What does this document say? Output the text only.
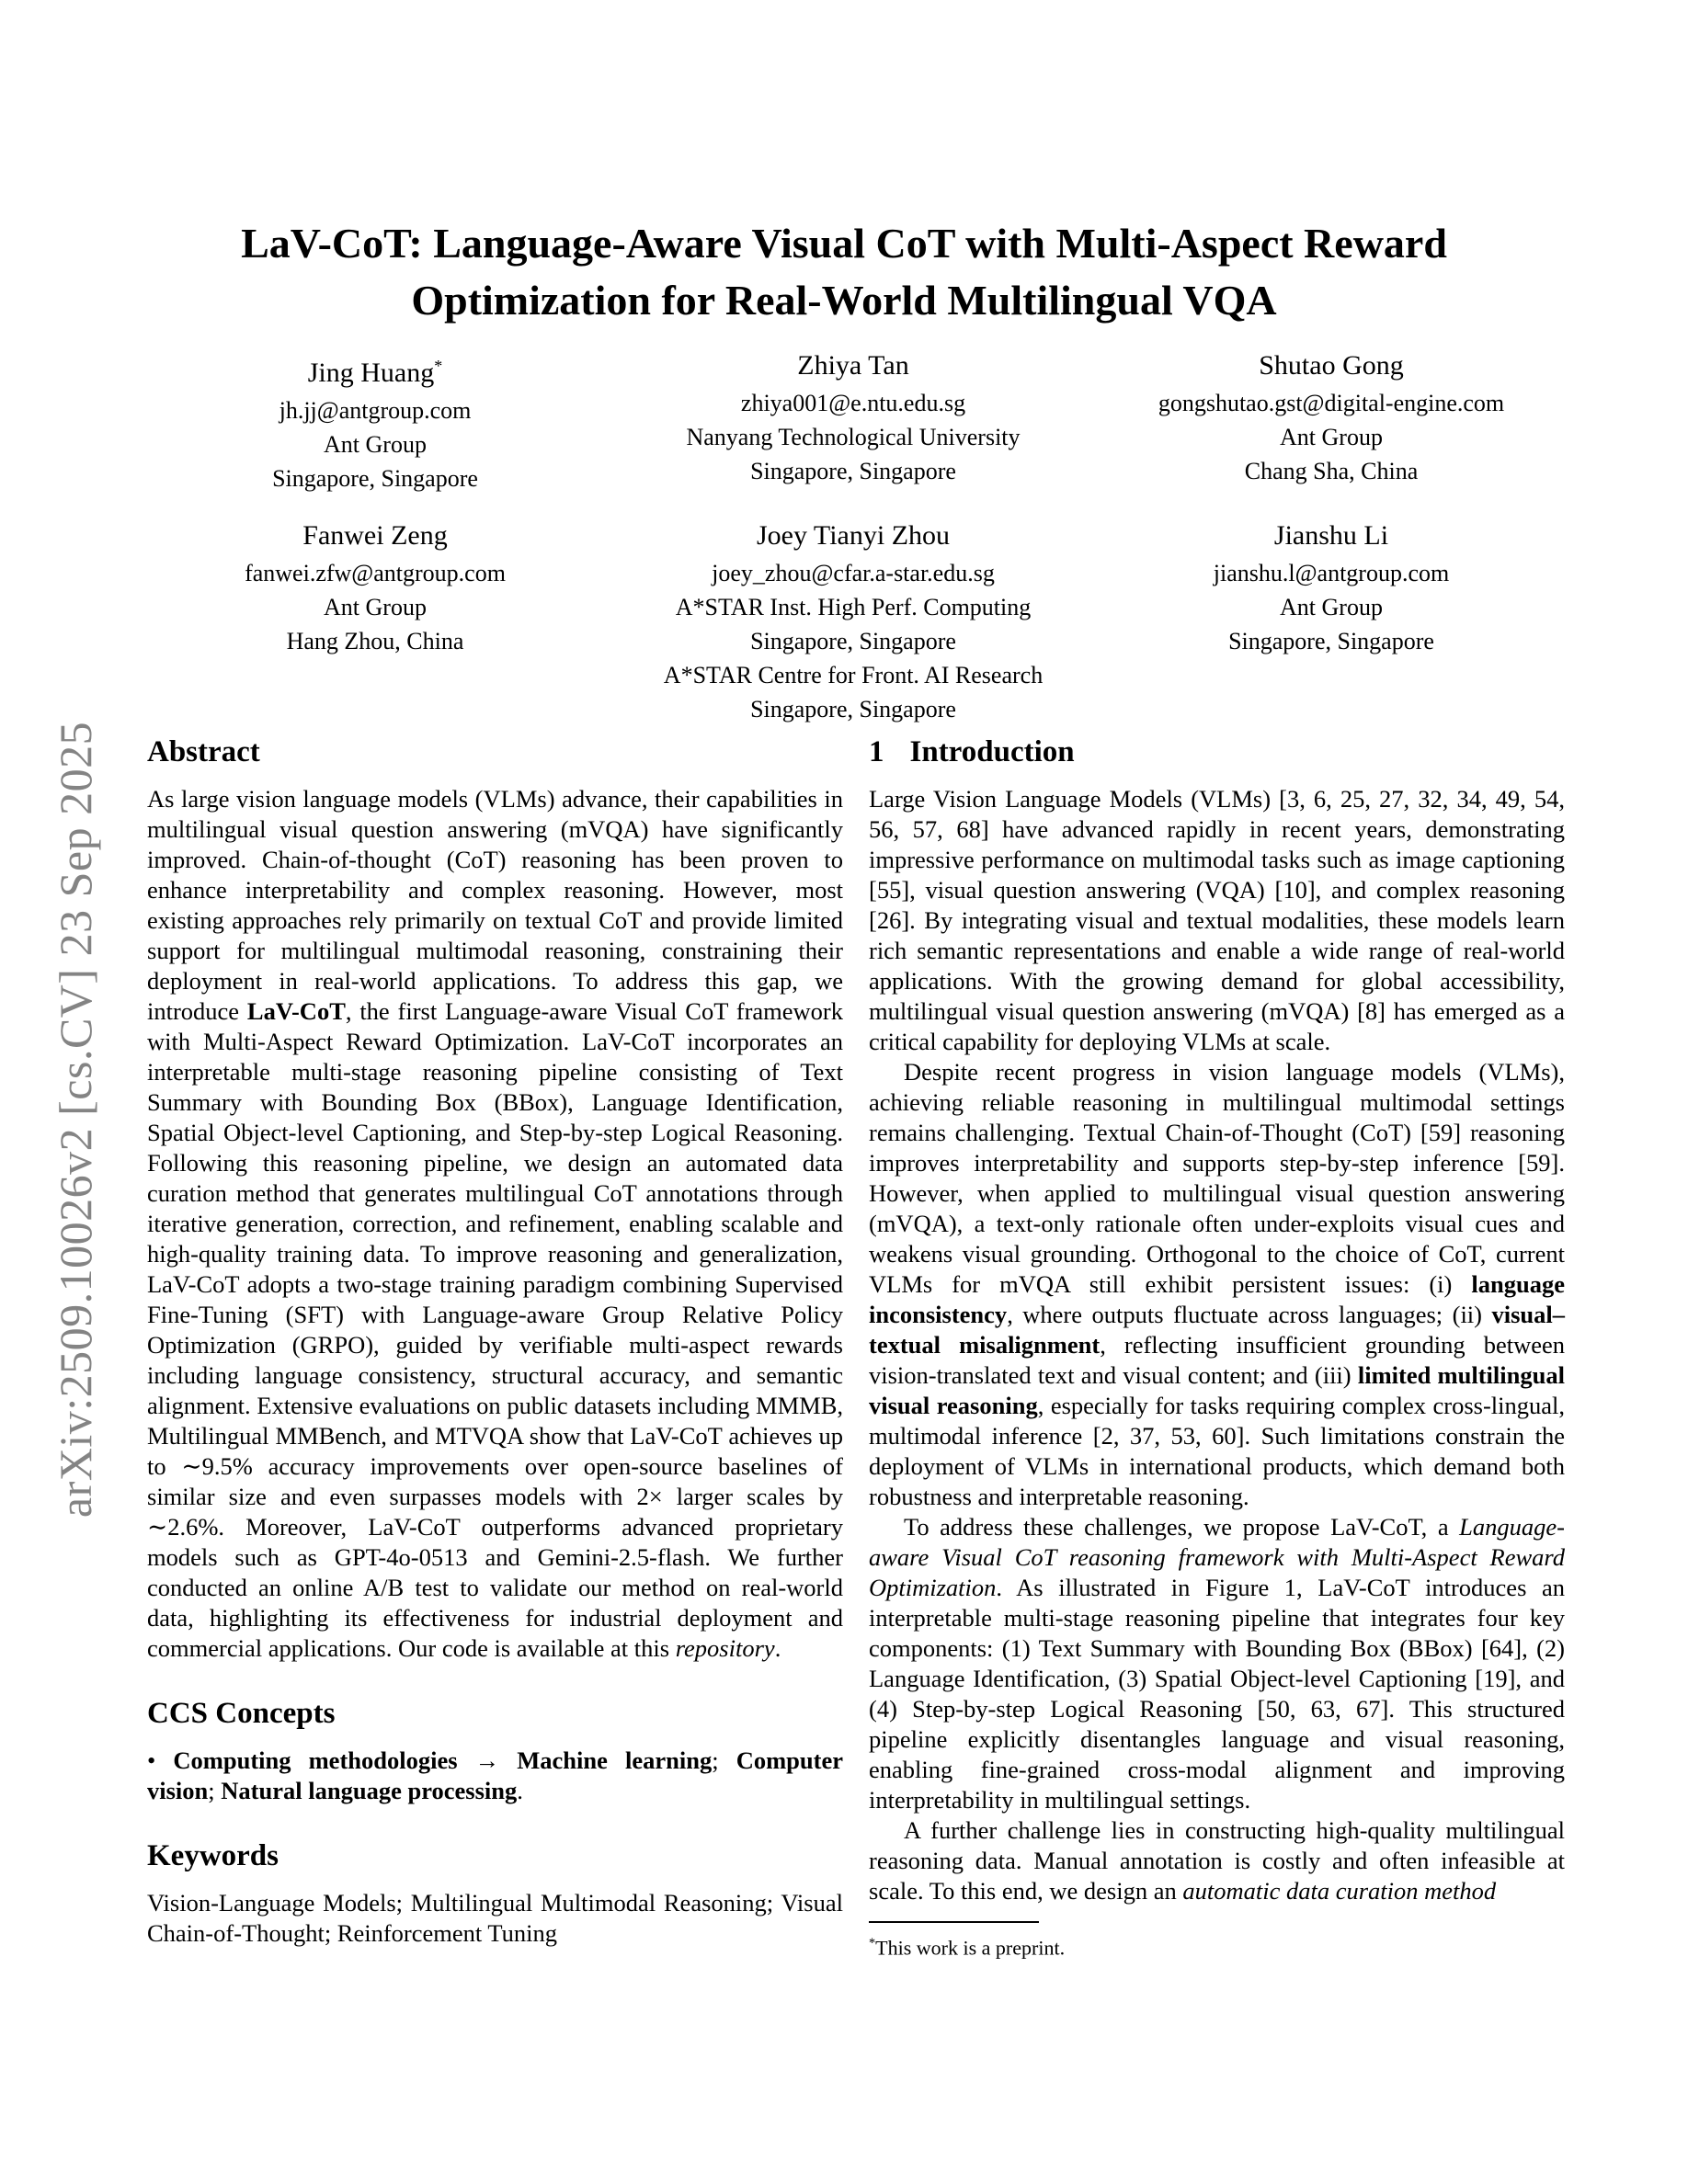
arXiv:2509.10026v2 [cs.CV] 23 Sep 2025
LaV-CoT: Language-Aware Visual CoT with Multi-Aspect Reward
Optimization for Real-World Multilingual VQA
Jing Huang*
jh.jj@antgroup.com
Ant Group
Singapore, Singapore
Zhiya Tan
zhiya001@e.ntu.edu.sg
Nanyang Technological University
Singapore, Singapore
Shutao Gong
gongshutao.gst@digital-engine.com
Ant Group
Chang Sha, China
Fanwei Zeng
fanwei.zfw@antgroup.com
Ant Group
Hang Zhou, China
Joey Tianyi Zhou
joey_zhou@cfar.a-star.edu.sg
A*STAR Inst. High Perf. Computing
Singapore, Singapore
A*STAR Centre for Front. AI Research
Singapore, Singapore
Jianshu Li
jianshu.l@antgroup.com
Ant Group
Singapore, Singapore
Abstract

As large vision language models (VLMs) advance, their capabilities in multilingual visual question answering (mVQA) have significantly improved. Chain-of-thought (CoT) reasoning has been proven to enhance interpretability and complex reasoning. However, most existing approaches rely primarily on textual CoT and provide limited support for multilingual multimodal reasoning, constraining their deployment in real-world applications. To address this gap, we introduce LaV-CoT, the first Language-aware Visual CoT framework with Multi-Aspect Reward Optimization. LaV-CoT incorporates an interpretable multi-stage reasoning pipeline consisting of Text Summary with Bounding Box (BBox), Language Identification, Spatial Object-level Captioning, and Step-by-step Logical Reasoning. Following this reasoning pipeline, we design an automated data curation method that generates multilingual CoT annotations through iterative generation, correction, and refinement, enabling scalable and high-quality training data. To improve reasoning and generalization, LaV-CoT adopts a two-stage training paradigm combining Supervised Fine-Tuning (SFT) with Language-aware Group Relative Policy Optimization (GRPO), guided by verifiable multi-aspect rewards including language consistency, structural accuracy, and semantic alignment. Extensive evaluations on public datasets including MMMB, Multilingual MMBench, and MTVQA show that LaV-CoT achieves up to ∼9.5% accuracy improvements over open-source baselines of similar size and even surpasses models with 2× larger scales by ∼2.6%. Moreover, LaV-CoT outperforms advanced proprietary models such as GPT-4o-0513 and Gemini-2.5-flash. We further conducted an online A/B test to validate our method on real-world data, highlighting its effectiveness for industrial deployment and commercial applications. Our code is available at this repository.

CCS Concepts

• Computing methodologies → Machine learning; Computer vision; Natural language processing.

Keywords

Vision-Language Models; Multilingual Multimodal Reasoning; Visual Chain-of-Thought; Reinforcement Tuning

1 Introduction

Large Vision Language Models (VLMs) [3, 6, 25, 27, 32, 34, 49, 54, 56, 57, 68] have advanced rapidly in recent years, demonstrating impressive performance on multimodal tasks such as image captioning [55], visual question answering (VQA) [10], and complex reasoning [26]. By integrating visual and textual modalities, these models learn rich semantic representations and enable a wide range of real-world applications. With the growing demand for global accessibility, multilingual visual question answering (mVQA) [8] has emerged as a critical capability for deploying VLMs at scale.

Despite recent progress in vision language models (VLMs), achieving reliable reasoning in multilingual multimodal settings remains challenging. Textual Chain-of-Thought (CoT) [59] reasoning improves interpretability and supports step-by-step inference [59]. However, when applied to multilingual visual question answering (mVQA), a text-only rationale often under-exploits visual cues and weakens visual grounding. Orthogonal to the choice of CoT, current VLMs for mVQA still exhibit persistent issues: (i) language inconsistency, where outputs fluctuate across languages; (ii) visual–textual misalignment, reflecting insufficient grounding between vision-translated text and visual content; and (iii) limited multilingual visual reasoning, especially for tasks requiring complex cross-lingual, multimodal inference [2, 37, 53, 60]. Such limitations constrain the deployment of VLMs in international products, which demand both robustness and interpretable reasoning.

To address these challenges, we propose LaV-CoT, a Language-aware Visual CoT reasoning framework with Multi-Aspect Reward Optimization. As illustrated in Figure 1, LaV-CoT introduces an interpretable multi-stage reasoning pipeline that integrates four key components: (1) Text Summary with Bounding Box (BBox) [64], (2) Language Identification, (3) Spatial Object-level Captioning [19], and (4) Step-by-step Logical Reasoning [50, 63, 67]. This structured pipeline explicitly disentangles language and visual reasoning, enabling fine-grained cross-modal alignment and improving interpretability in multilingual settings.

A further challenge lies in constructing high-quality multilingual reasoning data. Manual annotation is costly and often infeasible at scale. To this end, we design an automatic data curation method

*This work is a preprint.
